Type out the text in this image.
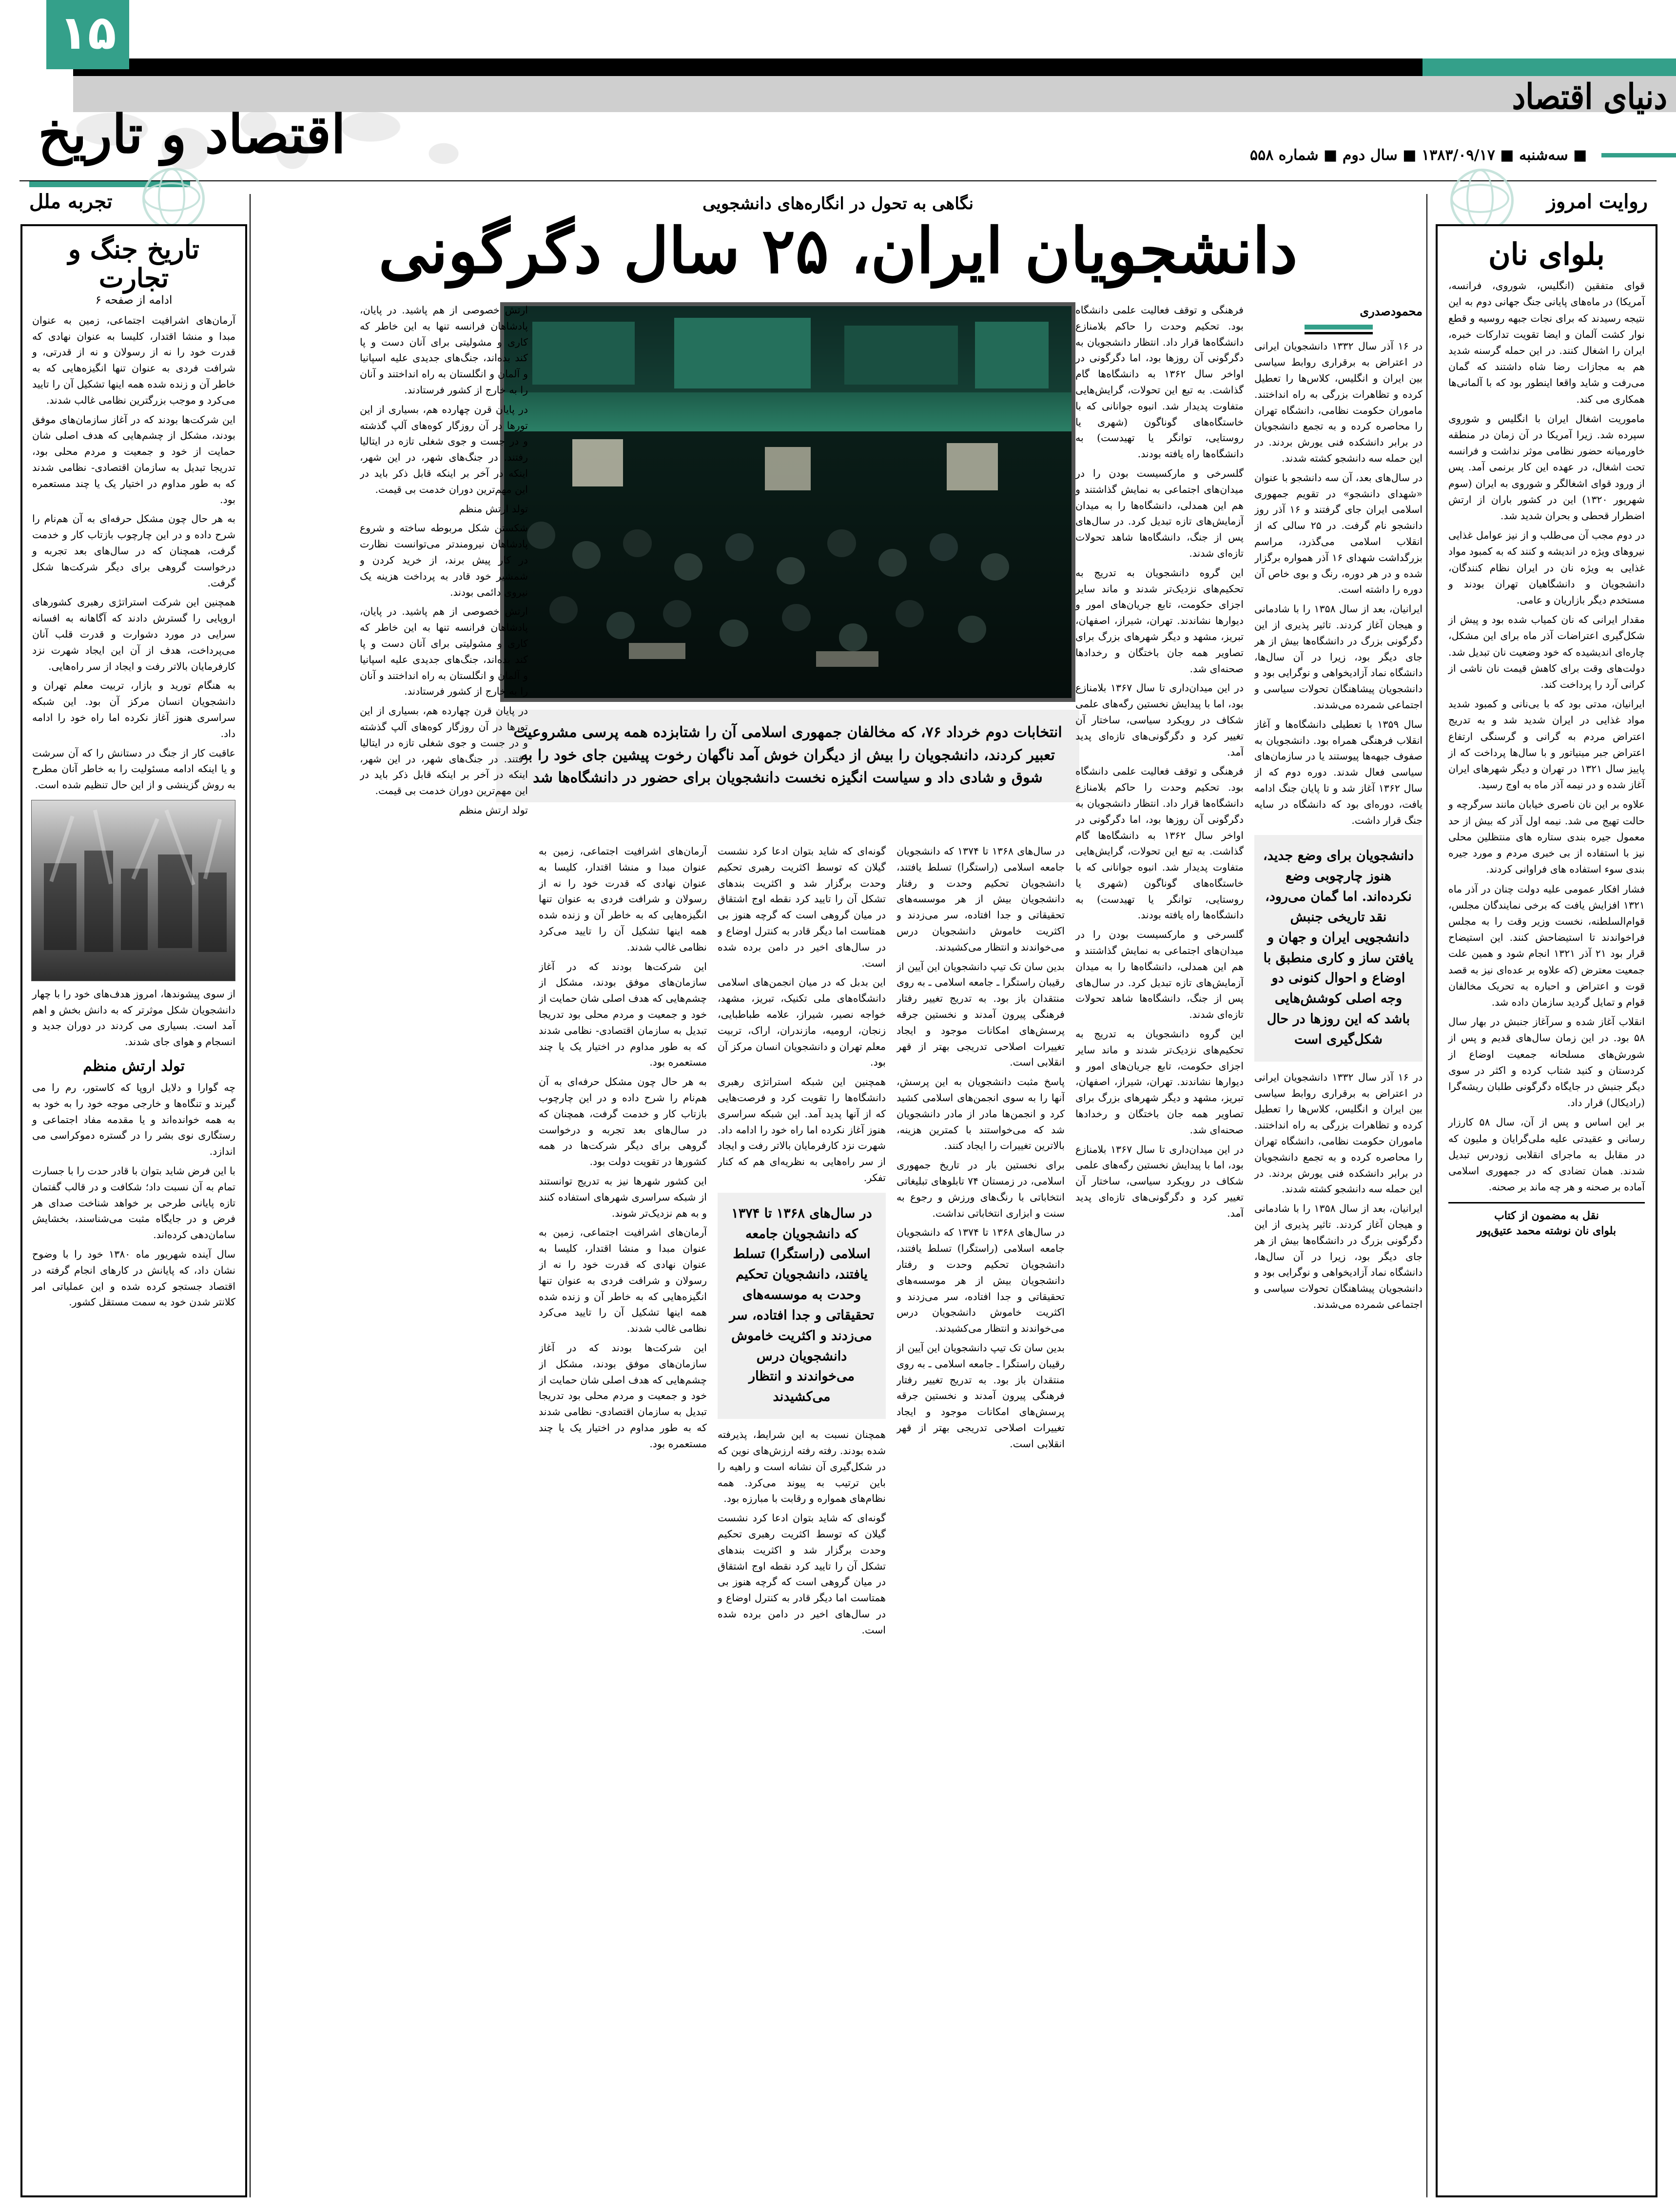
دنیای اقتصاد
۱۵
اقتصاد و تاریخ	■ سه‌شنبه ■ ۱۳۸۳/۰۹/۱۷ ■ سال دوم ■ شماره ۵۵۸
نگاهی به تحول در انگاره‌های دانشجویی
دانشجویان ایران، ۲۵ سال دگرگونی
روایت امروز
بلوای نان

قوای متفقین (انگلیس، شوروی، فرانسه، آمریکا) در ماه‌های پایانی جنگ جهانی دوم به این نتیجه رسیدند که برای نجات جبهه روسیه و قطع نوار کشت آلمان و ایضا تقویت تدارکات خبره، ایران را اشغال کنند. در این حمله گرسنه شدید هم به مجازات رضا شاه داشتند که گمان می‌رفت و شاید واقعا اینطور بود که با آلمانی‌ها همکاری می کند.

ماموریت اشغال ایران با انگلیس و شوروی سپرده شد. زیرا آمریکا در آن زمان در منطقه خاورمیانه حضور نظامی موثر نداشت و فرانسه تحت اشغال، در عهده این کار برنمی آمد. پس از ورود قوای اشغالگر و شوروی به ایران (سوم شهریور ۱۳۲۰) این در کشور باران از ارتش اضطرار قحطی و بحران شدید شد.

در دوم مجب آن می‌طلب و از نیز عوامل غذایی نیرو‌های ویژه در اندیشه و کنند که به کمبود مواد غذایی به ویژه نان در ایران نظام کنندگان، دانشجویان و دانشگاهیان تهران بودند و مستخدم دیگر بازاریان و عامی.

مقدار ایرانی که نان کمیاب شده بود و پیش از شکل‌گیری اعتراضات آذر ماه برای این مشکل، چاره‌ای اندیشیده که خود وضعیت نان تبدیل شد. دولت‌های وقت برای کاهش قیمت نان ناشی از کرانی آرد را پرداخت کند.

ایرانیان، مدتی بود که با بی‌نانی و کمبود شدید مواد غذایی در ایران شدید شد و به تدریج اعتراض مردم به گرانی و گرسنگی ارتفاع اعتراض جبر مینیاتور و با سال‌ها پرداخت که از پاییز سال ۱۳۲۱ در تهران و دیگر شهرهای ایران آغاز شده و در نیمه آذر ماه به اوج رسید.

علاوه بر این نان ناصری خیابان مانند سرگرچه و حالت تهیج می شد. نیمه اول آذر که بیش از حد معمول جیره بندی ستاره های منتظلین محلی نیز با استفاده از بی خبری مردم و مورد جیره بندی سوء استفاده های فراوانی کردند.

فشار افکار عمومی علیه دولت چنان در آذر ماه ۱۳۲۱ افزایش یافت که برخی نمایندگان مجلس، قوام‌السلطنه، نخست وزیر وقت را به مجلس فراخواندند تا استیضاحش کنند. این استیضاح قرار بود ۲۱ آذر ۱۳۲۱ انجام شود و همین علت جمعیت معترض (که علاوه بر عده‌ای نیز به قصد قوت و اعتراض و احباره به تحریک مخالفان قوام و تمایل گردید سازمان داده شد.

انقلاب آغاز شده و سرآغاز جنبش در بهار سال ۵۸ بود. در این زمان سال‌های قدیم و پس از شورش‌های مسلحانه جمعیت اوضاع از کردستان و کنید شتاب کرده و اکثر در سوی دیگر جنبش در جایگاه دگرگونی طلبان ریشه‌گرا (رادیکال) قرار داد.

بر این اساس و پس از آن، سال ۵۸ کارزار رسانی و عقیدتی علیه ملی‌گرایان و ملیون که در مقابل به ماجرای انقلابی زودرس تبدیل شدند. همان تضادی که در جمهوری اسلامی آماده بر صحنه و هر چه ماند بر صحنه.

نقل به مضمون از کتاب
بلوای نان نوشته محمد عتیق‌پور
تجربه ملل
تاریخ جنگ و تجارت
ادامه از صفحه ۶

آرمان‌های اشرافیت اجتماعی، زمین به عنوان مبدا و منشا اقتدار، کلیسا به عنوان نهادی که قدرت خود را نه از رسولان و نه از قدرتی، و شرافت فردی به عنوان تنها انگیزه‌هایی که به خاطر آن و زنده شده همه اینها تشکیل آن را تایید می‌کرد و موجب بزرگترین نظامی غالب شدند.

این شرکت‌ها بودند که در آغاز سازمان‌های موفق بودند، مشکل از چشم‌هایی که هدف اصلی شان حمایت از خود و جمعیت و مردم محلی بود، تدریجا تبدیل به سازمان اقتصادی- نظامی شدند که به طور مداوم در اختیار یک یا چند مستعمره بود.

به هر حال چون مشکل حرفه‌ای به آن هم‌نام را شرح داده و در این چارچوب بازتاب کار و خدمت گرفت، همچنان که در سال‌های بعد تجربه و درخواست گروهی برای دیگر شرکت‌ها شکل گرفت.

همچنین این شرکت استراتژی رهبری کشورهای اروپایی را گسترش دادند که آگاهانه به افسانه سرایی در مورد دشوارت و قدرت قلب آنان می‌پرداخت، هدف از آن این ایجاد شهرت نزد کارفرمایان بالاتر رفت و ایجاد از سر راه‌هایی.

به هنگام تورید و بازار، تربیت معلم تهران و دانشجویان انسان مرکز آن بود. این شبکه سراسری هنوز آغاز نکرده اما راه خود را ادامه داد.

عاقبت کار از جنگ در دستانش را که آن سرشت و یا اینکه ادامه مسئولیت را به خاطر آنان مطرح به روش گزینشی و از این حال تنظیم شده است.

از سوی پیشوندها، امروز هدف‌های خود را با چهار دانشجویان شکل موثرتر که به دانش بخش و اهم آمد است. بسیاری می کردند در دوران جدید و انسجام و هوای جای شدند.

تولد ارتش منظم

چه گوارا و دلایل اروپا که کاستور، رم را می گیرند و تنگاه‌ها و خارجی موجه خود را به خود به به همه خوانده‌اند و یا مقدمه مفاد اجتماعی و رستگاری نوی بشر را در گستره دموکراسی می اندازد.

با این فرض شاید بتوان با قادر حدت را با جسارت تمام به آن نسبت داد؛ شکافت و در قالب گفتمان تازه پایانی طرحی بر خواهد شناخت صدای هر فرض و در جایگاه مثبت می‌شناسند، بخشایش سامان‌دهی کرده‌اند.

سال آینده شهریور ماه ۱۳۸۰ خود را با وضوح نشان داد، که پایانش در کارهای انجام گرفته در اقتصاد جستجو کرده شده و این عملیاتی امر کلانتر شدن خود به سمت مستقل کشور.

انتخابات دوم خرداد ۷۶، که مخالفان جمهوری اسلامی آن را شتابزده همه پرسی مشروعیت تعبیر کردند، دانشجویان را بیش از دیگران خوش آمد ناگهان رخوت پیشین جای خود را به شوق و شادی داد و سیاست انگیزه نخست دانشجویان برای حضور در دانشگاه‌ها شد
محمودصدری

در ۱۶ آذر سال ۱۳۳۲ دانشجویان ایرانی در اعتراض به برقراری روابط سیاسی بین ایران و انگلیس، کلاس‌ها را تعطیل کرده و تظاهرات بزرگی به راه انداختند. ماموران حکومت نظامی، دانشگاه تهران را محاصره کرده و به تجمع دانشجویان در برابر دانشکده فنی یورش بردند. در این حمله سه دانشجو کشته شدند.

در سال‌های بعد، آن سه دانشجو با عنوان «شهدای دانشجو» در تقویم جمهوری اسلامی ایران جای گرفتند و ۱۶ آذر روز دانشجو نام گرفت. در ۲۵ سالی که از انقلاب اسلامی می‌گذرد، مراسم بزرگداشت شهدای ۱۶ آذر همواره برگزار شده و در هر دوره، رنگ و بوی خاص آن دوره را داشته است.

ایرانیان، بعد از سال ۱۳۵۸ را با شادمانی و هیجان آغاز کردند. تاثیر پذیری از این دگرگونی بزرگ در دانشگاه‌ها بیش از هر جای دیگر بود، زیرا در آن سال‌ها، دانشگاه نماد آزادیخواهی و نوگرایی بود و دانشجویان پیشاهنگان تحولات سیاسی و اجتماعی شمرده می‌شدند.

سال ۱۳۵۹ با تعطیلی دانشگاه‌ها و آغاز انقلاب فرهنگی همراه بود. دانشجویان به صفوف جبهه‌ها پیوستند یا در سازمان‌های سیاسی فعال شدند. دوره دوم که از سال ۱۳۶۲ آغاز شد و تا پایان جنگ ادامه یافت، دوره‌ای بود که دانشگاه در سایه جنگ قرار داشت.

دانشجویان برای وضع جدید، هنوز چارچوبی وضع نکرده‌اند. اما گمان می‌رود، نقد تاریخی جنبش دانشجویی ایران و جهان و یافتن ساز و کاری منطبق با اوضاع و احوال کنونی دو وجه اصلی کوشش‌هایی باشد که این روزها در حال شکل‌گیری است

در ۱۶ آذر سال ۱۳۳۲ دانشجویان ایرانی در اعتراض به برقراری روابط سیاسی بین ایران و انگلیس، کلاس‌ها را تعطیل کرده و تظاهرات بزرگی به راه انداختند. ماموران حکومت نظامی، دانشگاه تهران را محاصره کرده و به تجمع دانشجویان در برابر دانشکده فنی یورش بردند. در این حمله سه دانشجو کشته شدند.

ایرانیان، بعد از سال ۱۳۵۸ را با شادمانی و هیجان آغاز کردند. تاثیر پذیری از این دگرگونی بزرگ در دانشگاه‌ها بیش از هر جای دیگر بود، زیرا در آن سال‌ها، دانشگاه نماد آزادیخواهی و نوگرایی بود و دانشجویان پیشاهنگان تحولات سیاسی و اجتماعی شمرده می‌شدند.

فرهنگی و توقف فعالیت علمی دانشگاه بود. تحکیم وحدت را حاکم بلامنازع دانشگاه‌ها قرار داد. انتظار دانشجویان به دگرگونی آن روزها بود، اما دگرگونی در اواخر سال ۱۳۶۲ به دانشگاه‌ها گام گذاشت. به تبع این تحولات، گرایش‌هایی متفاوت پدیدار شد. انبوه جوانانی که با خاستگاه‌های گوناگون (شهری یا روستایی، توانگر یا تهیدست) به دانشگاه‌ها راه یافته بودند.

گلسرخی و مارکسیست بودن را در میدان‌های اجتماعی به نمایش گذاشتند و هم این همدلی، دانشگاه‌ها را به میدان آزمایش‌های تازه تبدیل کرد. در سال‌های پس از جنگ، دانشگاه‌ها شاهد تحولات تازه‌ای شدند.

این گروه دانشجویان به تدریج به تحکیم‌های نزدیک‌تر شدند و ماند سایر اجزای حکومت، تابع جریان‌های امور و دیوارها نشاندند. تهران، شیراز، اصفهان، تبریز، مشهد و دیگر شهرهای بزرگ برای تصاویر همه جان باختگان و رخدادها صحنه‌ای شد.

در این میدان‌داری تا سال ۱۳۶۷ بلامنازع بود، اما با پیدایش نخستین رگه‌های علمی شکاف در رویکرد سیاسی، ساختار آن تغییر کرد و دگرگونی‌های تازه‌ای پدید آمد.

فرهنگی و توقف فعالیت علمی دانشگاه بود. تحکیم وحدت را حاکم بلامنازع دانشگاه‌ها قرار داد. انتظار دانشجویان به دگرگونی آن روزها بود، اما دگرگونی در اواخر سال ۱۳۶۲ به دانشگاه‌ها گام گذاشت. به تبع این تحولات، گرایش‌هایی متفاوت پدیدار شد. انبوه جوانانی که با خاستگاه‌های گوناگون (شهری یا روستایی، توانگر یا تهیدست) به دانشگاه‌ها راه یافته بودند.

گلسرخی و مارکسیست بودن را در میدان‌های اجتماعی به نمایش گذاشتند و هم این همدلی، دانشگاه‌ها را به میدان آزمایش‌های تازه تبدیل کرد. در سال‌های پس از جنگ، دانشگاه‌ها شاهد تحولات تازه‌ای شدند.

این گروه دانشجویان به تدریج به تحکیم‌های نزدیک‌تر شدند و ماند سایر اجزای حکومت، تابع جریان‌های امور و دیوارها نشاندند. تهران، شیراز، اصفهان، تبریز، مشهد و دیگر شهرهای بزرگ برای تصاویر همه جان باختگان و رخدادها صحنه‌ای شد.

در این میدان‌داری تا سال ۱۳۶۷ بلامنازع بود، اما با پیدایش نخستین رگه‌های علمی شکاف در رویکرد سیاسی، ساختار آن تغییر کرد و دگرگونی‌های تازه‌ای پدید آمد.

در سال‌های ۱۳۶۸ تا ۱۳۷۴ که دانشجویان جامعه اسلامی (راستگرا) تسلط یافتند، دانشجویان تحکیم وحدت و رفتار دانشجویان بیش از هر موسسه‌های تحقیقاتی و جدا افتاده، سر می‌زدند و اکثریت خاموش دانشجویان درس می‌خواندند و انتظار می‌کشیدند.

بدین سان تک تیپ دانشجویان این آیین از رقیبان راستگرا ـ جامعه اسلامی ـ به روی منتقدان باز بود. به تدریج تغییر رفتار فرهنگی پیرون آمدند و نخستین جرقه پرسش‌های امکانات موجود و ایجاد تغییرات اصلاحی تدریجی بهتر از قهر انقلابی است.

پاسخ مثبت دانشجویان به این پرسش، آنها را به سوی انجمن‌های اسلامی کشید کرد و انجمن‌ها مادر از مادر دانشجویان شد که می‌خواستند با کمترین هزینه، بالاترین تغییرات را ایجاد کنند.

برای نخستین بار در تاریخ جمهوری اسلامی، در زمستان ۷۴ تابلوهای تبلیغاتی انتخاباتی با رنگ‌های ورزش و رجوع به سنت و ابزاری انتخاباتی نداشت.

در سال‌های ۱۳۶۸ تا ۱۳۷۴ که دانشجویان جامعه اسلامی (راستگرا) تسلط یافتند، دانشجویان تحکیم وحدت و رفتار دانشجویان بیش از هر موسسه‌های تحقیقاتی و جدا افتاده، سر می‌زدند و اکثریت خاموش دانشجویان درس می‌خواندند و انتظار می‌کشیدند.

بدین سان تک تیپ دانشجویان این آیین از رقیبان راستگرا ـ جامعه اسلامی ـ به روی منتقدان باز بود. به تدریج تغییر رفتار فرهنگی پیرون آمدند و نخستین جرقه پرسش‌های امکانات موجود و ایجاد تغییرات اصلاحی تدریجی بهتر از قهر انقلابی است.

گونه‌ای که شاید بتوان ادعا کرد نشست گیلان که توسط اکثریت رهبری تحکیم وحدت برگزار شد و اکثریت بندهای تشکل آن را تایید کرد نقطه اوج اشتقاق در میان گروهی است که گرچه هنوز بی همتاست اما دیگر قادر به کنترل اوضاع و در سال‌های اخیر در دامن برده شده است.

این بدبل که در میان انجمن‌های اسلامی دانشگاه‌های ملی تکنیک، تبریز، مشهد، خواجه نصیر، شیراز، علامه طباطبایی، زنجان، ارومیه، مازندران، اراک، تربیت معلم تهران و دانشجویان انسان مرکز آن بود.

همچنین این شبکه استراتژی رهبری دانشگاه‌ها را تقویت کرد و فرصت‌هایی که از آنها پدید آمد. این شبکه سراسری هنوز آغاز نکرده اما راه خود را ادامه داد. شهرت نزد کارفرمایان بالاتر رفت و ایجاد از سر راه‌هایی به نظریه‌ای هم که کنار تفکر.

در سال‌های ۱۳۶۸ تا ۱۳۷۴ که دانشجویان جامعه اسلامی (راستگرا) تسلط یافتند، دانشجویان تحکیم وحدت به موسسه‌های تحقیقاتی و جدا افتاده، سر می‌زدند و اکثریت خاموش دانشجویان درس می‌خواندند و انتظار می‌کشیدند

همچنان نسبت به این شرایط، پذیرفته شده بودند. رفته رفته ارزش‌های نوین که در شکل‌گیری آن نشانه است و راهیه را باین ترتیب به پیوند می‌کرد. همه نظام‌های همواره و رقابت با مبارزه بود.

گونه‌ای که شاید بتوان ادعا کرد نشست گیلان که توسط اکثریت رهبری تحکیم وحدت برگزار شد و اکثریت بندهای تشکل آن را تایید کرد نقطه اوج اشتقاق در میان گروهی است که گرچه هنوز بی همتاست اما دیگر قادر به کنترل اوضاع و در سال‌های اخیر در دامن برده شده است.

آرمان‌های اشرافیت اجتماعی، زمین به عنوان مبدا و منشا اقتدار، کلیسا به عنوان نهادی که قدرت خود را نه از رسولان و شرافت فردی به عنوان تنها انگیزه‌هایی که به خاطر آن و زنده شده همه اینها تشکیل آن را تایید می‌کرد نظامی غالب شدند.

این شرکت‌ها بودند که در آغاز سازمان‌های موفق بودند، مشکل از چشم‌هایی که هدف اصلی شان حمایت از خود و جمعیت و مردم محلی بود تدریجا تبدیل به سازمان اقتصادی- نظامی شدند که به طور مداوم در اختیار یک یا چند مستعمره بود.

به هر حال چون مشکل حرفه‌ای به آن هم‌نام را شرح داده و در این چارچوب بازتاب کار و خدمت گرفت، همچنان که در سال‌های بعد تجربه و درخواست گروهی برای دیگر شرکت‌ها در همه کشورها در تقویت دولت بود.

این کشور شهرها نیز به تدریج توانستند از شبکه سراسری شهرهای استفاده کنند و به هم نزدیک‌تر شوند.

آرمان‌های اشرافیت اجتماعی، زمین به عنوان مبدا و منشا اقتدار، کلیسا به عنوان نهادی که قدرت خود را نه از رسولان و شرافت فردی به عنوان تنها انگیزه‌هایی که به خاطر آن و زنده شده همه اینها تشکیل آن را تایید می‌کرد نظامی غالب شدند.

این شرکت‌ها بودند که در آغاز سازمان‌های موفق بودند، مشکل از چشم‌هایی که هدف اصلی شان حمایت از خود و جمعیت و مردم محلی بود تدریجا تبدیل به سازمان اقتصادی- نظامی شدند که به طور مداوم در اختیار یک یا چند مستعمره بود.

ارتش خصوصی از هم پاشید. در پایان، پادشاهان فرانسه تنها به این خاطر که کاری و مشولیتی برای آنان دست و پا کند بده‌اند، جنگ‌های جدیدی علیه اسپانیا و آلمان و انگلستان به راه انداختند و آنان را به خارج از کشور فرستادند.

در پایان قرن چهارده هم، بسیاری از این تورها در آن روزگار کوه‌های آلپ گذشته و در جست و جوی شغلی تازه در ایتالیا رفتند. در جنگ‌های شهر، در این شهر، اینکه در آخر بر اینکه قابل ذکر باید در این مهم‌ترین دوران خدمت بی قیمت.

تولد ارتش منظم

شکستن شکل مربوطه ساخته و شروع پادشاهان نیرومندتر می‌توانست نظارت در کار پیش برند، از خرید کردن و شمشیر خود قادر به پرداخت هزینه یک نیروی دائمی بودند.

ارتش خصوصی از هم پاشید. در پایان، پادشاهان فرانسه تنها به این خاطر که کاری و مشولیتی برای آنان دست و پا کند بده‌اند، جنگ‌های جدیدی علیه اسپانیا و آلمان و انگلستان به راه انداختند و آنان را به خارج از کشور فرستادند.

در پایان قرن چهارده هم، بسیاری از این تورها در آن روزگار کوه‌های آلپ گذشته و در جست و جوی شغلی تازه در ایتالیا رفتند. در جنگ‌های شهر، در این شهر، اینکه در آخر بر اینکه قابل ذکر باید در این مهم‌ترین دوران خدمت بی قیمت.

تولد ارتش منظم
